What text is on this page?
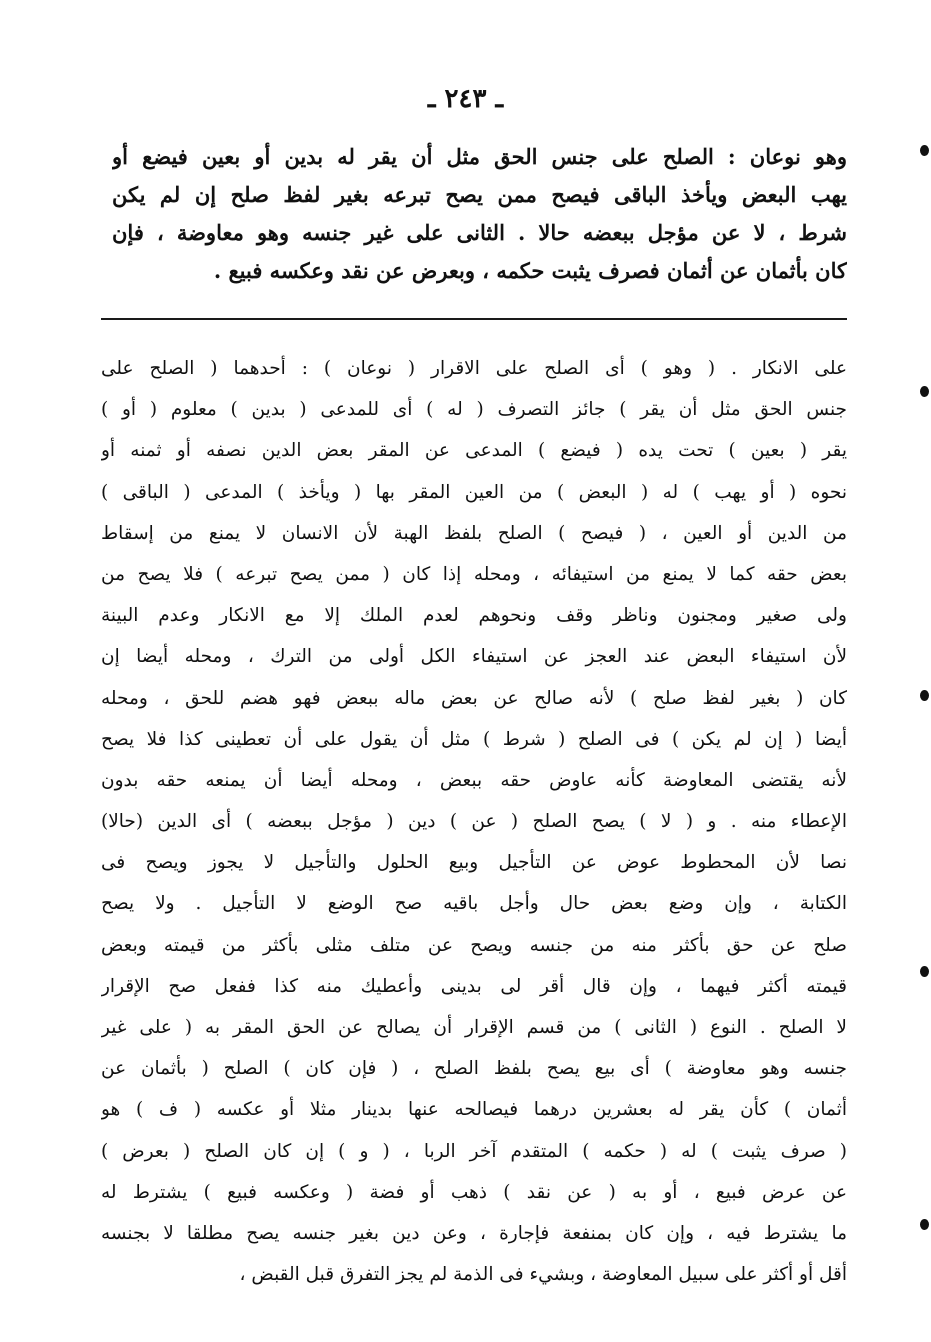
ـ ٢٤٣ ـ
وهو نوعان : الصلح على جنس الحق مثل أن يقر له بدين أو بعين فيضع أو
يهب البعض ويأخذ الباقى فيصح ممن يصح تبرعه بغير لفظ صلح إن لم يكن
شرط ، لا عن مؤجل ببعضه حالا . الثانى على غير جنسه وهو معاوضة ، فإن
كان بأثمان عن أثمان فصرف يثبت حكمه ، وبعرض عن نقد وعكسه فبيع .
على الانكار . ( وهو ) أى الصلح على الاقرار ( نوعان ) : أحدهما ( الصلح على
جنس الحق مثل أن يقر ) جائز التصرف ( له ) أى للمدعى ( بدين ) معلوم ( أو )
يقر ( بعين ) تحت يده ( فيضع ) المدعى عن المقر بعض الدين نصفه أو ثمنه أو
نحوه ( أو يهب ) له ( البعض ) من العين المقر بها ( ويأخذ ) المدعى ( الباقى )
من الدين أو العين ، ( فيصح ) الصلح بلفظ الهبة لأن الانسان لا يمنع من إسقاط
بعض حقه كما لا يمنع من استيفائه ، ومحله إذا كان ( ممن يصح تبرعه ) فلا يصح من
ولى صغير ومجنون وناظر وقف ونحوهم لعدم الملك إلا مع الانكار وعدم البينة
لأن استيفاء البعض عند العجز عن استيفاء الكل أولى من الترك ، ومحله أيضا إن
كان ( بغير لفظ صلح ) لأنه صالح عن بعض ماله ببعض فهو هضم للحق ، ومحله
أيضا ( إن لم يكن ) فى الصلح ( شرط ) مثل أن يقول على أن تعطينى كذا فلا يصح
لأنه يقتضى المعاوضة كأنه عاوض حقه ببعض ، ومحله أيضا أن يمنعه حقه بدون
الإعطاء منه . و ( لا ) يصح الصلح ( عن ) دين ( مؤجل ببعضه ) أى الدين (حالا)
نصا لأن المحطوط عوض عن التأجيل وبيع الحلول والتأجيل لا يجوز ويصح فى
الكتابة ، وإن وضع بعض حال وأجل باقيه صح الوضع لا التأجيل . ولا يصح
صلح عن حق بأكثر منه من جنسه ويصح عن متلف مثلى بأكثر من قيمته وبعض
قيمته أكثر فيهما ، وإن قال أقر لى بدينى وأعطيك منه كذا ففعل صح الإقرار
لا الصلح . النوع ( الثانى ) من قسم الإقرار أن يصالح عن الحق المقر به ( على غير
جنسه وهو معاوضة ) أى بيع يصح بلفظ الصلح ، ( فإن كان ) الصلح ( بأثمان عن
أثمان ) كأن يقر له بعشرين درهما فيصالحه عنها بدينار مثلا أو عكسه ( ف ) هو
( صرف يثبت ) له ( حكمه ) المتقدم آخر الربا ، ( و ) إن كان الصلح ( بعرض )
عن عرض فبيع ، أو به ( عن نقد ) ذهب أو فضة ( وعكسه فبيع ) يشترط له
ما يشترط فيه ، وإن كان بمنفعة فإجارة ، وعن دين بغير جنسه يصح مطلقا لا بجنسه
أقل أو أكثر على سبيل المعاوضة ، وبشيء فى الذمة لم يجز التفرق قبل القبض ،
